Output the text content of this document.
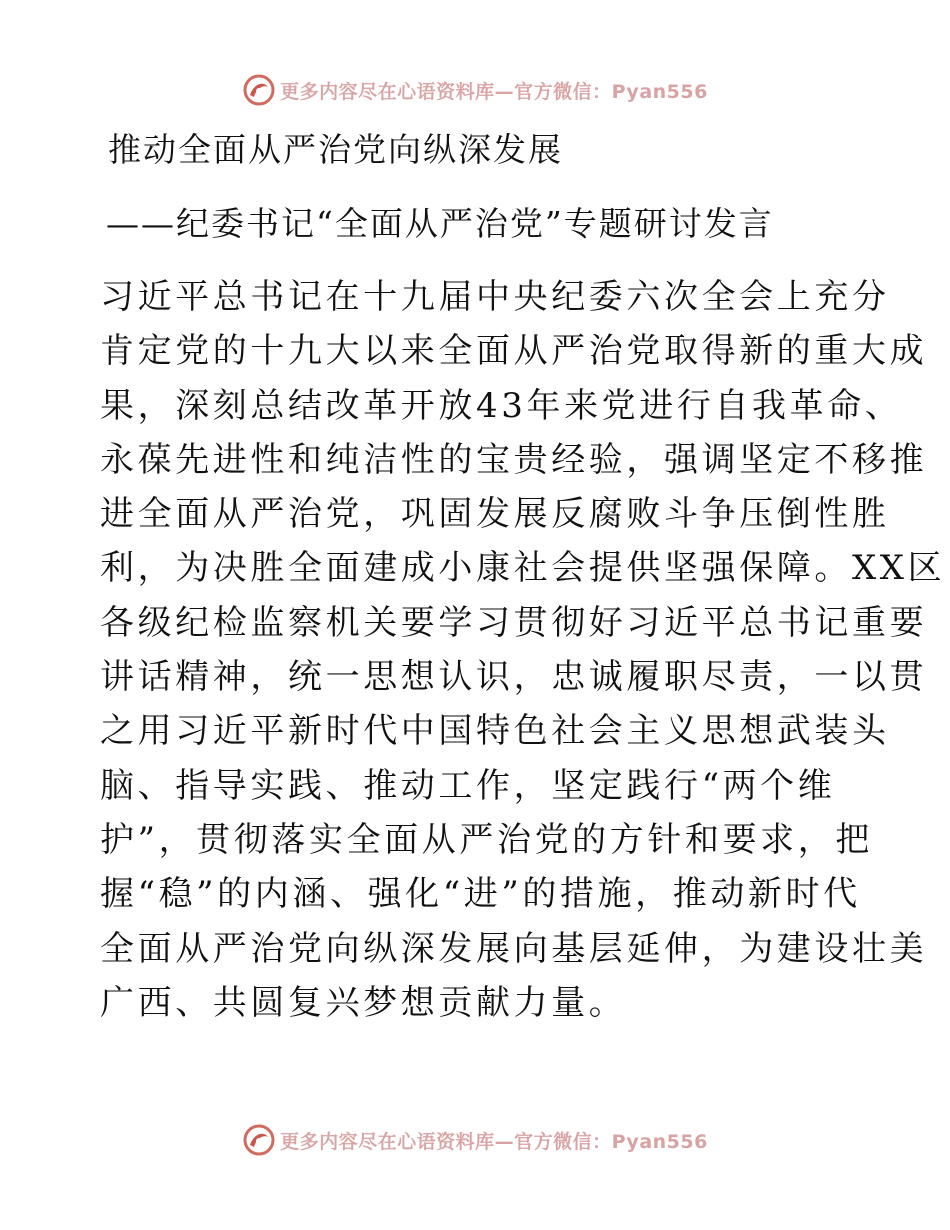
更多内容尽在心语资料库—官方微信：Pyan556
推动全面从严治党向纵深发展
——纪委书记“全面从严治党”专题研讨发言
习近平总书记在十九届中央纪委六次全会上充分
肯定党的十九大以来全面从严治党取得新的重大成
果，深刻总结改革开放43年来党进行自我革命、
永葆先进性和纯洁性的宝贵经验，强调坚定不移推
进全面从严治党，巩固发展反腐败斗争压倒性胜
利，为决胜全面建成小康社会提供坚强保障。XX区
各级纪检监察机关要学习贯彻好习近平总书记重要
讲话精神，统一思想认识，忠诚履职尽责，一以贯
之用习近平新时代中国特色社会主义思想武装头
脑、指导实践、推动工作，坚定践行“两个维
护”，贯彻落实全面从严治党的方针和要求，把
握“稳”的内涵、强化“进”的措施，推动新时代
全面从严治党向纵深发展向基层延伸，为建设壮美
广西、共圆复兴梦想贡献力量。
更多内容尽在心语资料库—官方微信：Pyan556
